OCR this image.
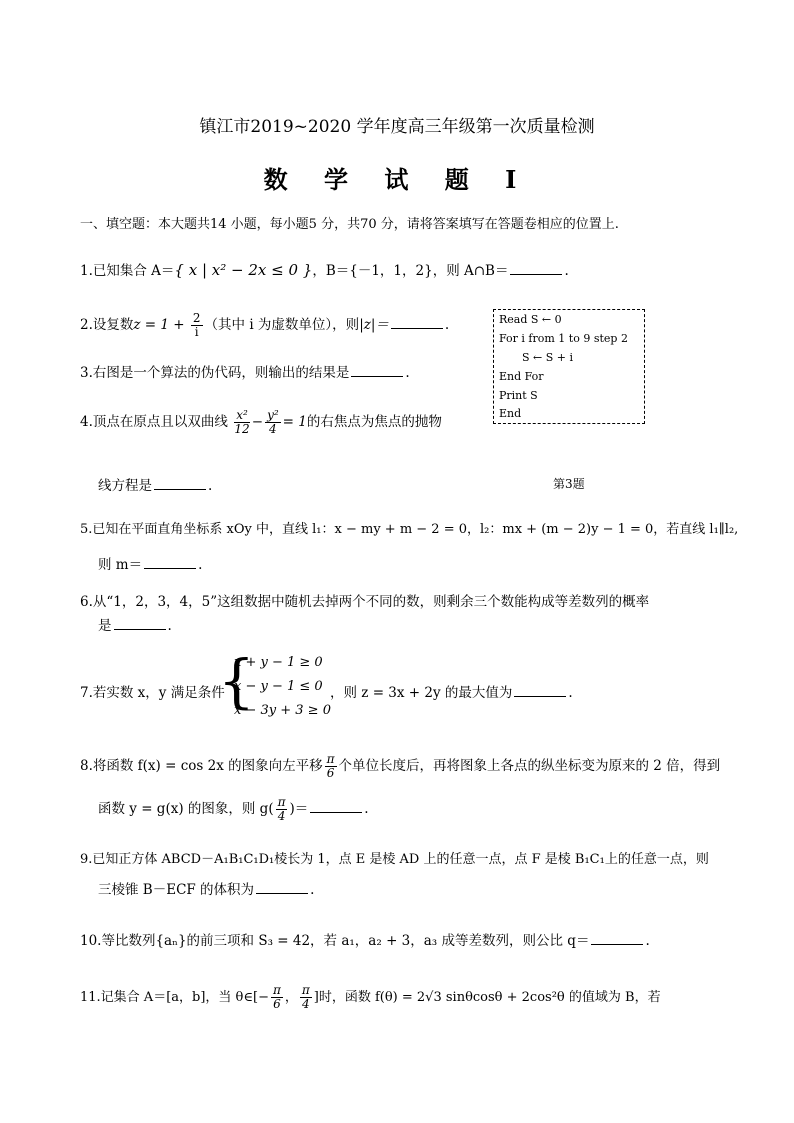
镇江市2019~2020 学年度高三年级第一次质量检测
数 学 试 题 I
一、填空题：本大题共14 小题，每小题5 分，共70 分，请将答案填写在答题卷相应的位置上.
1.已知集合 A＝{ x | x² − 2x ≤ 0 }，B＝{－1，1，2}，则 A∩B＝	.
2.设复数$z = 1 + \frac{2}{i}$ （其中 i 为虚数单位），则|z|＝	.	Read S ← 0
For i from 1 to 9 step 2
S ← S + i
End For
Print S
End
3.右图是一个算法的伪代码，则输出的结果是	.
4.顶点在原点且以双曲线 $\frac{\text{x²}}{12} - \frac{\text{y²}}{4} = 1$的右焦点为焦点的抛物
线方程是	.	第3题
5.已知在平面直角坐标系 xOy 中，直线 l₁：x − my + m − 2 = 0，l₂：mx + (m − 2)y − 1 = 0，若直线 l₁∥l₂,
则 m＝	.
6.从“1，2，3，4，5”这组数据中随机去掉两个不同的数，则剩余三个数能构成等差数列的概率
是	.
7.若实数 x，y 满足条件
{
x + y − 1 ≥ 0
x − y − 1 ≤ 0
x − 3y + 3 ≥ 0
，则 z = 3x + 2y 的最大值为	.
8.将函数 f(x) = cos 2x 的图象向左平移 $\frac{\pi}{6}$ 个单位长度后，再将图象上各点的纵坐标变为原来的 2 倍，得到
函数 y = g(x) 的图象，则 $g( \frac{\pi}{4}$ )＝	.
9.已知正方体 ABCD－A₁B₁C₁D₁棱长为 1，点 E 是棱 AD 上的任意一点，点 F 是棱 B₁C₁上的任意一点，则
三棱锥 B－ECF 的体积为	.
10.等比数列{aₙ}的前三项和 S₃ = 42，若 a₁，a₂ + 3，a₃ 成等差数列，则公比 q＝	.
11.记集合 A＝[a，b]，当 θ∈[− $\frac{\pi}{6}$ ， $\frac{\pi}{4}$ ]时，函数 f(θ) = 2√3 sinθcosθ + 2cos²θ 的值域为 B，若
